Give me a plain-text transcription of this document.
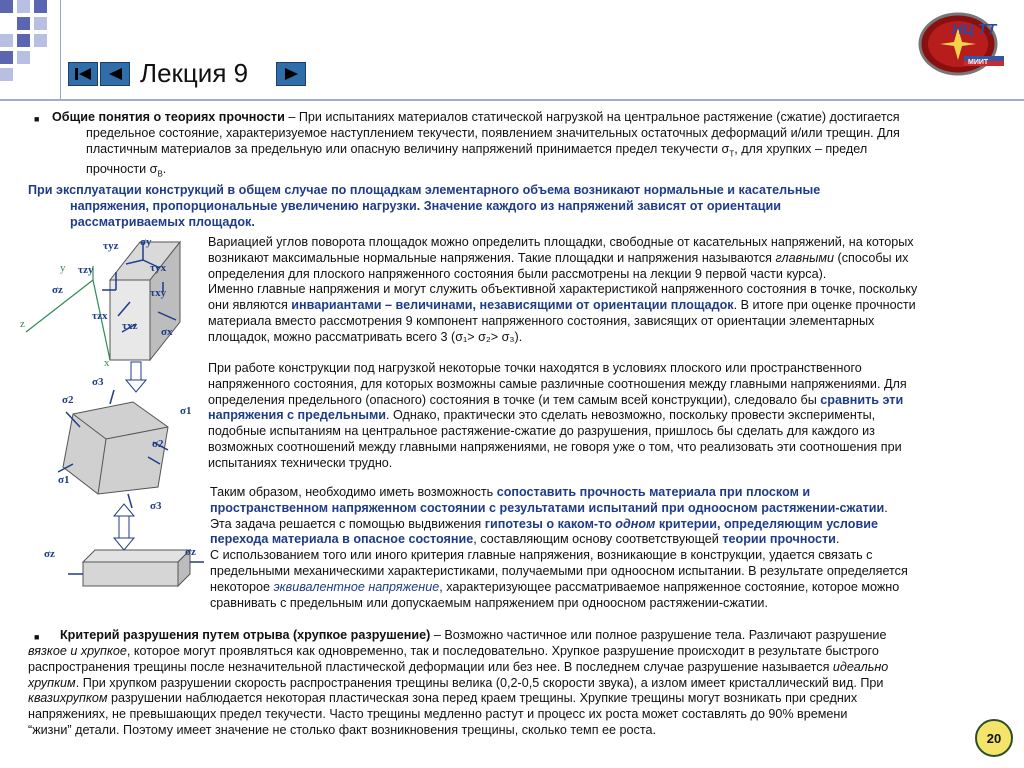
Лекция 9
НЦ ТТ
МИИТ
■ Общие понятия о теориях прочности – При испытаниях материалов статической нагрузкой на центральное растяжение (сжатие) достигается
предельное состояние, характеризуемое наступлением текучести, появлением значительных остаточных деформаций и/или трещин. Для
пластичным материалов за предельную или опасную величину напряжений принимается предел текучести $\sigma_Т$, для хрупких – предел
прочности $\sigma_В$.
При эксплуатации конструкций в общем случае по площадкам элементарного объема возникают нормальные и касательные
напряжения, пропорциональные увеличению нагрузки. Значение каждого из напряжений зависят от ориентации
рассматриваемых площадок.
Вариацией углов поворота площадок можно определить площадки, свободные от касательных напряжений, на которых
возникают максимальные нормальные напряжения. Такие площадки и напряжения называются главными (способы их
определения для плоского напряженного состояния были рассмотрены на лекции 9 первой части курса).
Именно главные напряжения и могут служить объективной характеристикой напряженного состояния в точке, поскольку
они являются инвариантами – величинами, независящими от ориентации площадок. В итоге при оценке прочности
материала вместо рассмотрения 9 компонент напряженного состояния, зависящих от ориентации элементарных
площадок, можно рассматривать всего 3 (σ₁> σ₂> σ₃).
При работе конструкции под нагрузкой некоторые точки находятся в условиях плоского или пространственного
напряженного состояния, для которых возможны самые различные соотношения между главными напряжениями. Для
определения предельного (опасного) состояния в точке (и тем самым всей конструкции), следовало бы сравнить эти
напряжения с предельными. Однако, практически это сделать невозможно, поскольку провести эксперименты,
подобные испытаниям на центральное растяжение-сжатие до разрушения, пришлось бы сделать для каждого из
возможных соотношений между главными напряжениями, не говоря уже о том, что реализовать эти соотношения при
испытаниях технически трудно.
Таким образом, необходимо иметь возможность сопоставить прочность материала при плоском и
пространственном напряженном состоянии с результатами испытаний при одноосном растяжении-сжатии.
Эта задача решается с помощью выдвижения гипотезы о каком-то одном критерии, определяющим условие
перехода материала в опасное состояние, составляющим основу соответствующей теории прочности.
С использованием того или иного критерия главные напряжения, возникающие в конструкции, удается связать с
предельными механическими характеристиками, получаемыми при одноосном испытании. В результате определяется
некоторое эквивалентное напряжение, характеризующее рассматриваемое напряженное состояние, которое можно
сравнивать с предельным или допускаемым напряжением при одноосном растяжении-сжатии.
■	Критерий разрушения путем отрыва (хрупкое разрушение) – Возможно частичное или полное разрушение тела. Различают разрушение
вязкое и хрупкое, которое могут проявляться как одновременно, так и последовательно. Хрупкое разрушение происходит в результате быстрого
распространения трещины после незначительной пластической деформации или без нее. В последнем случае разрушение называется идеально
хрупким. При хрупком разрушении скорость распространения трещины велика (0,2-0,5 скорости звука), а излом имеет кристаллический вид. При
квазихрупком разрушении наблюдается некоторая пластическая зона перед краем трещины. Хрупкие трещины могут возникать при средних
напряжениях, не превышающих предел текучести. Часто трещины медленно растут и процесс их роста может составлять до 90% времени
“жизни” детали. Поэтому имеет значение не столько факт возникновения трещины, сколько темп ее роста.
τyz σy
τzy	τyx
σz	τxy
τzx
τxz σx
y
z
x
σ3
σ2
σ1
σ2
σ1
σ3
σz	σz
20
